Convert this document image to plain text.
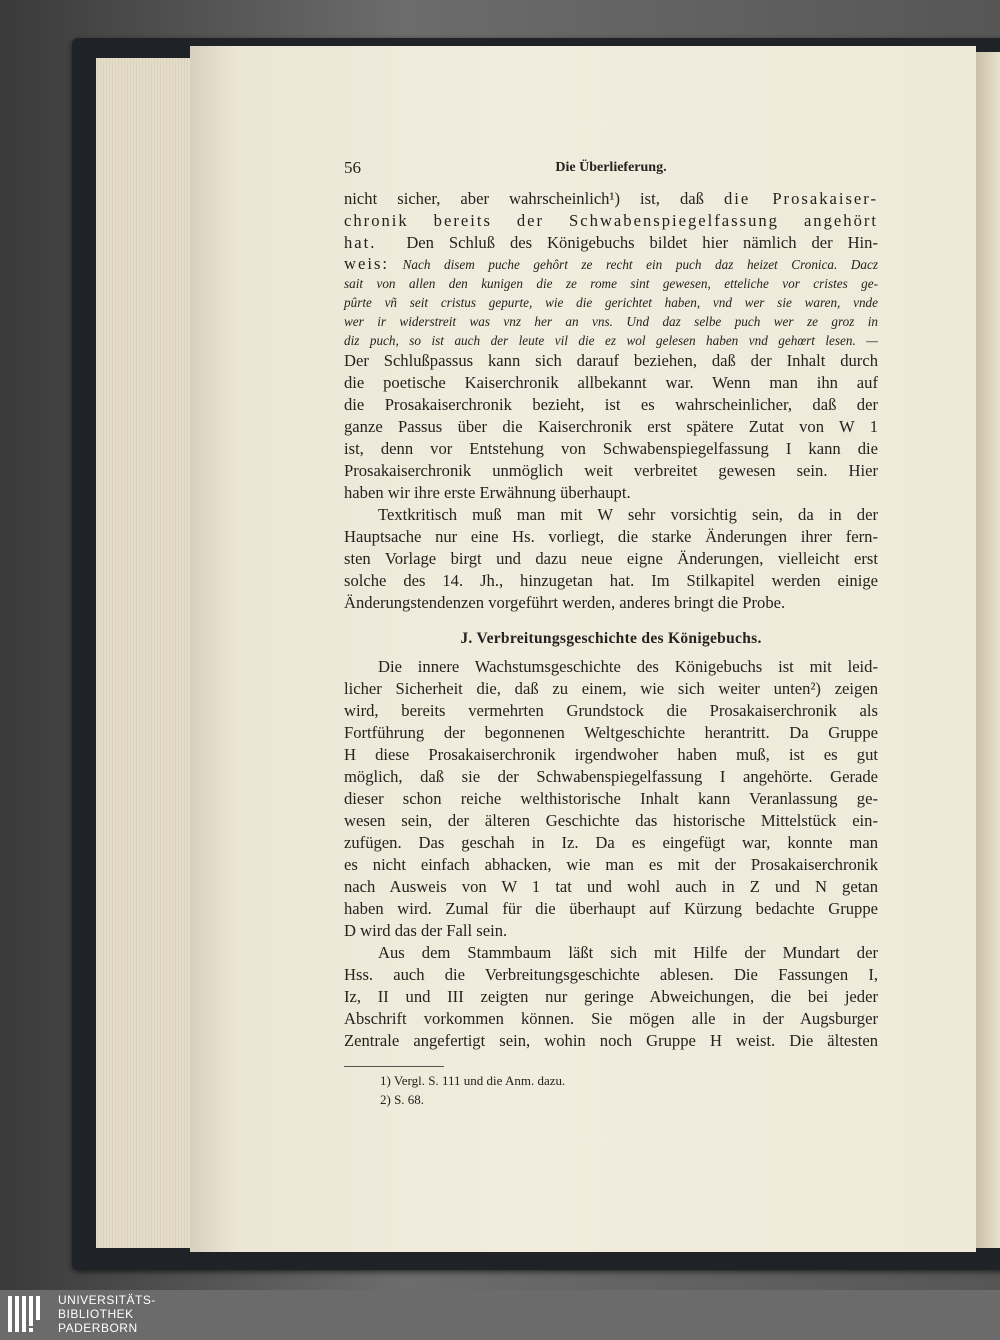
56	Die Überlieferung.
nicht sicher, aber wahrscheinlich¹) ist, daß die Prosakaiser-
chronik bereits der Schwabenspiegelfassung angehört
hat. Den Schluß des Königebuchs bildet hier nämlich der Hin-
weis: Nach disem puche gehôrt ze recht ein puch daz heizet Cronica. Dacz
sait von allen den kunigen die ze rome sint gewesen, etteliche vor cristes ge-
pûrte vñ seit cristus gepurte, wie die gerichtet haben, vnd wer sie waren, vnde
wer ir widerstreit was vnz her an vns. Und daz selbe puch wer ze groz in
diz puch, so ist auch der leute vil die ez wol gelesen haben vnd gehœrt lesen. —
Der Schlußpassus kann sich darauf beziehen, daß der Inhalt durch
die poetische Kaiserchronik allbekannt war. Wenn man ihn auf
die Prosakaiserchronik bezieht, ist es wahrscheinlicher, daß der
ganze Passus über die Kaiserchronik erst spätere Zutat von W 1
ist, denn vor Entstehung von Schwabenspiegelfassung I kann die
Prosakaiserchronik unmöglich weit verbreitet gewesen sein. Hier
haben wir ihre erste Erwähnung überhaupt.
Textkritisch muß man mit W sehr vorsichtig sein, da in der
Hauptsache nur eine Hs. vorliegt, die starke Änderungen ihrer fern-
sten Vorlage birgt und dazu neue eigne Änderungen, vielleicht erst
solche des 14. Jh., hinzugetan hat. Im Stilkapitel werden einige
Änderungstendenzen vorgeführt werden, anderes bringt die Probe.
J. Verbreitungsgeschichte des Königebuchs.
Die innere Wachstumsgeschichte des Königebuchs ist mit leid-
licher Sicherheit die, daß zu einem, wie sich weiter unten²) zeigen
wird, bereits vermehrten Grundstock die Prosakaiserchronik als
Fortführung der begonnenen Weltgeschichte herantritt. Da Gruppe
H diese Prosakaiserchronik irgendwoher haben muß, ist es gut
möglich, daß sie der Schwabenspiegelfassung I angehörte. Gerade
dieser schon reiche welthistorische Inhalt kann Veranlassung ge-
wesen sein, der älteren Geschichte das historische Mittelstück ein-
zufügen. Das geschah in Iz. Da es eingefügt war, konnte man
es nicht einfach abhacken, wie man es mit der Prosakaiserchronik
nach Ausweis von W 1 tat und wohl auch in Z und N getan
haben wird. Zumal für die überhaupt auf Kürzung bedachte Gruppe
D wird das der Fall sein.
Aus dem Stammbaum läßt sich mit Hilfe der Mundart der
Hss. auch die Verbreitungsgeschichte ablesen. Die Fassungen I,
Iz, II und III zeigten nur geringe Abweichungen, die bei jeder
Abschrift vorkommen können. Sie mögen alle in der Augsburger
Zentrale angefertigt sein, wohin noch Gruppe H weist. Die ältesten
1) Vergl. S. 111 und die Anm. dazu.
2) S. 68.
UNIVERSITÄTS-
BIBLIOTHEK
PADERBORN
